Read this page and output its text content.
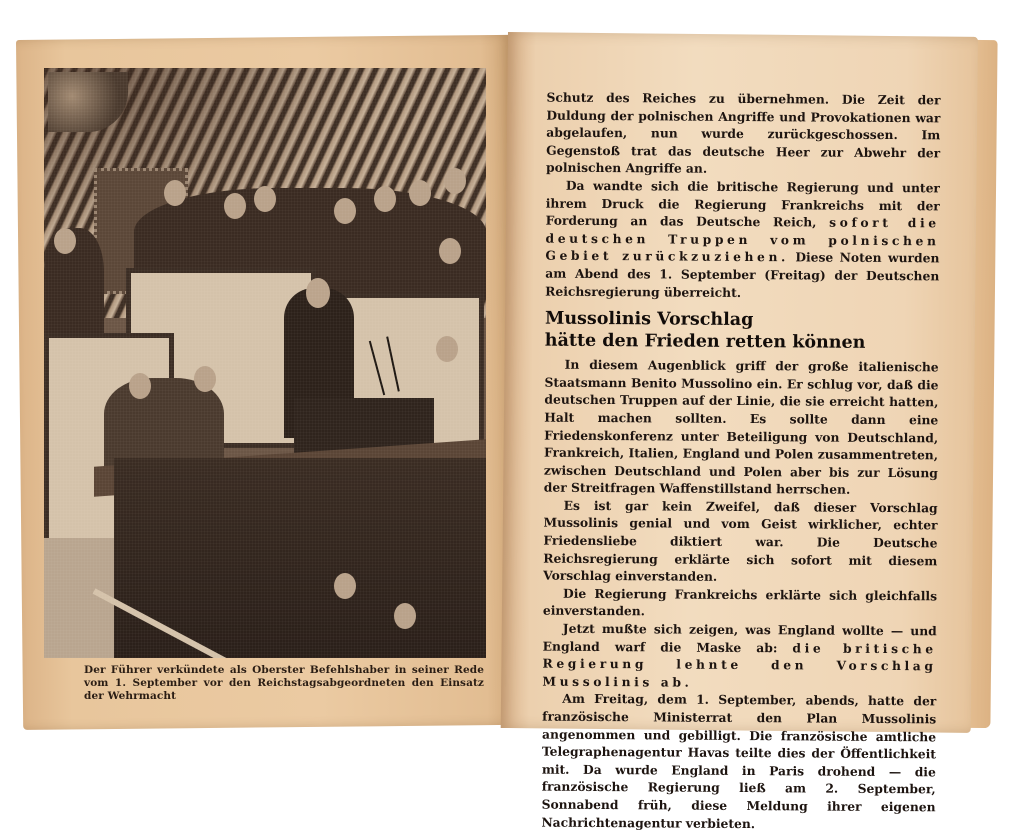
Der Führer verkündete als Oberster Befehlshaber in seiner Rede vom 1. September vor den Reichstagsabgeordneten den Einsatz der Wehrmacht

Schutz des Reiches zu übernehmen. Die Zeit der Duldung der polnischen Angriffe und Provokationen war abgelaufen, nun wurde zurückgeschossen. Im Gegenstoß trat das deutsche Heer zur Abwehr der polnischen Angriffe an.

Da wandte sich die britische Regierung und unter ihrem Druck die Regierung Frankreichs mit der Forderung an das Deutsche Reich, sofort die deutschen Truppen vom polnischen Gebiet zurückzuziehen. Diese Noten wurden am Abend des 1. September (Freitag) der Deutschen Reichsregierung überreicht.

Mussolinis Vorschlag
hätte den Frieden retten können

In diesem Augenblick griff der große italienische Staatsmann Benito Mussolino ein. Er schlug vor, daß die deutschen Truppen auf der Linie, die sie erreicht hatten, Halt machen sollten. Es sollte dann eine Friedenskonferenz unter Beteiligung von Deutschland, Frankreich, Italien, England und Polen zusammentreten, zwischen Deutschland und Polen aber bis zur Lösung der Streitfragen Waffenstillstand herrschen.

Es ist gar kein Zweifel, daß dieser Vorschlag Mussolinis genial und vom Geist wirklicher, echter Friedensliebe diktiert war. Die Deutsche Reichsregierung erklärte sich sofort mit diesem Vorschlag einverstanden.

Die Regierung Frankreichs erklärte sich gleichfalls einverstanden.

Jetzt mußte sich zeigen, was England wollte — und England warf die Maske ab: die britische Regierung lehnte den Vorschlag Mussolinis ab.

Am Freitag, dem 1. September, abends, hatte der französische Ministerrat den Plan Mussolinis angenommen und gebilligt. Die französische amtliche Telegraphenagentur Havas teilte dies der Öffentlichkeit mit. Da wurde England in Paris drohend — die französische Regierung ließ am 2. September, Sonnabend früh, diese Meldung ihrer eigenen Nachrichtenagentur verbieten.
